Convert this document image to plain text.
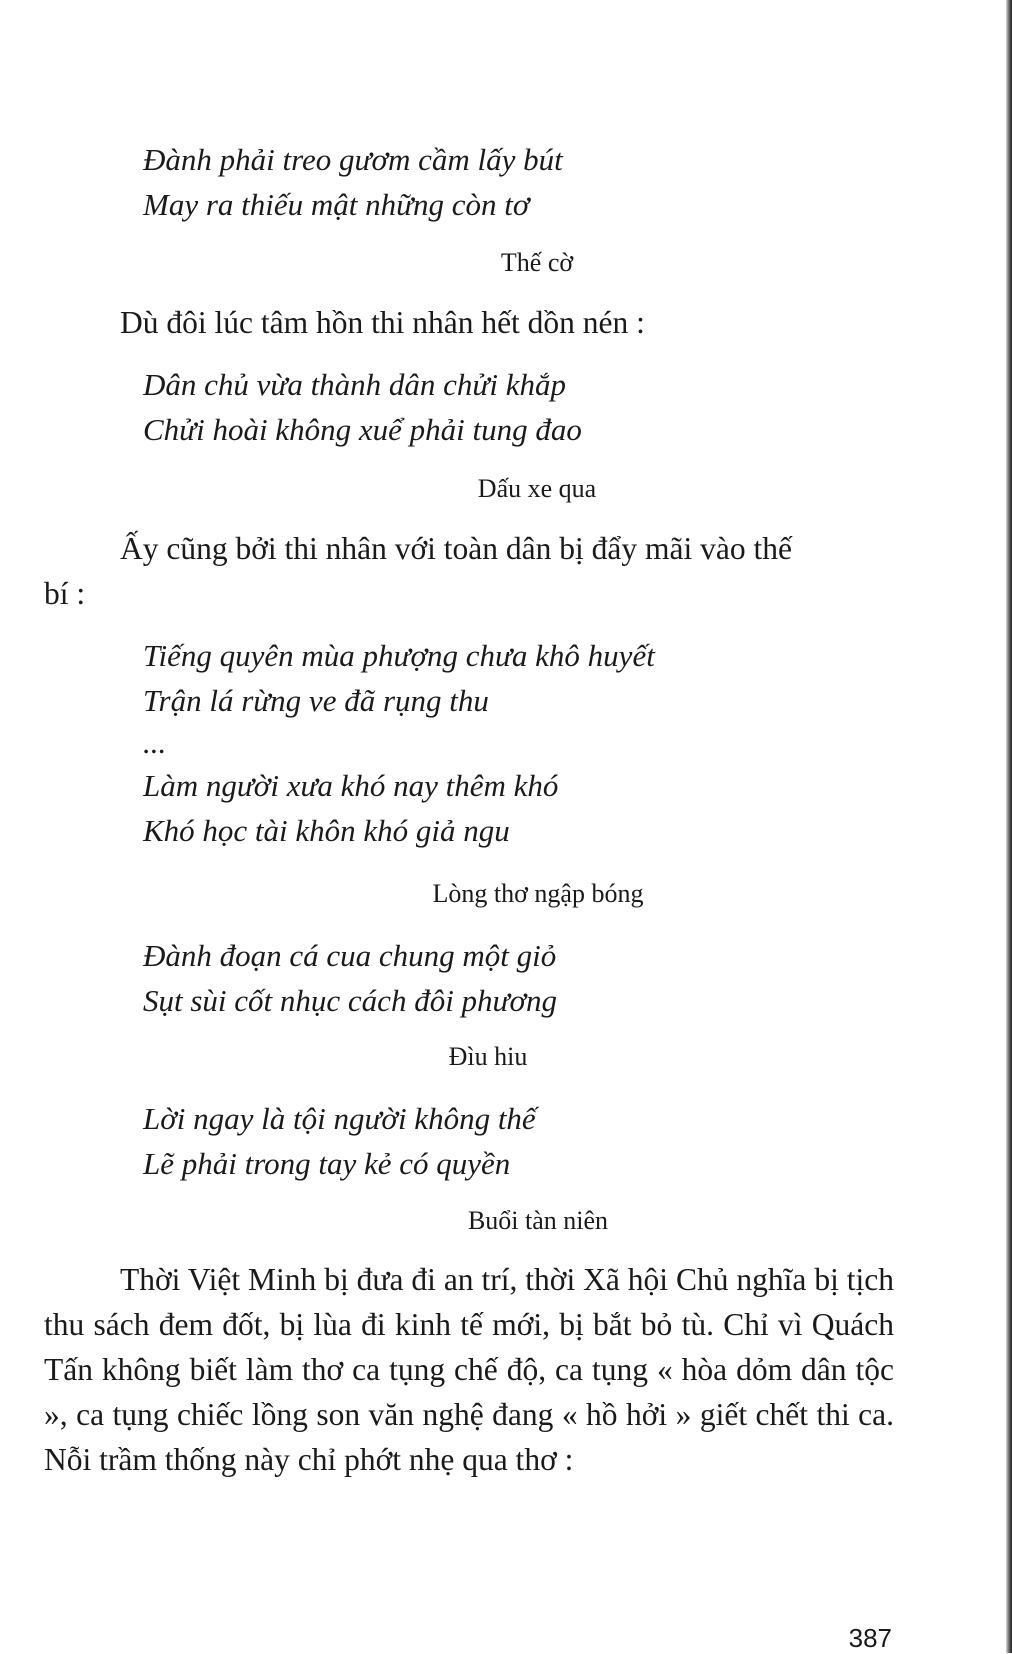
Đành phải treo gươm cầm lấy bút
May ra thiếu mật những còn tơ

Thế cờ

Dù đôi lúc tâm hồn thi nhân hết dồn nén :

Dân chủ vừa thành dân chửi khắp
Chửi hoài không xuể phải tung đao

Dấu xe qua

Ấy cũng bởi thi nhân với toàn dân bị đẩy mãi vào thế
bí :

Tiếng quyên mùa phượng chưa khô huyết
Trận lá rừng ve đã rụng thu
...
Làm người xưa khó nay thêm khó
Khó học tài khôn khó giả ngu

Lòng thơ ngập bóng

Đành đoạn cá cua chung một giỏ
Sụt sùi cốt nhục cách đôi phương

Đìu hiu

Lời ngay là tội người không thế
Lẽ phải trong tay kẻ có quyền

Buổi tàn niên

Thời Việt Minh bị đưa đi an trí, thời Xã hội Chủ nghĩa bị tịch thu sách đem đốt, bị lùa đi kinh tế mới, bị bắt bỏ tù. Chỉ vì Quách Tấn không biết làm thơ ca tụng chế độ, ca tụng « hòa dỏm dân tộc », ca tụng chiếc lồng son văn nghệ đang « hồ hởi » giết chết thi ca. Nỗi trầm thống này chỉ phớt nhẹ qua thơ :

387
